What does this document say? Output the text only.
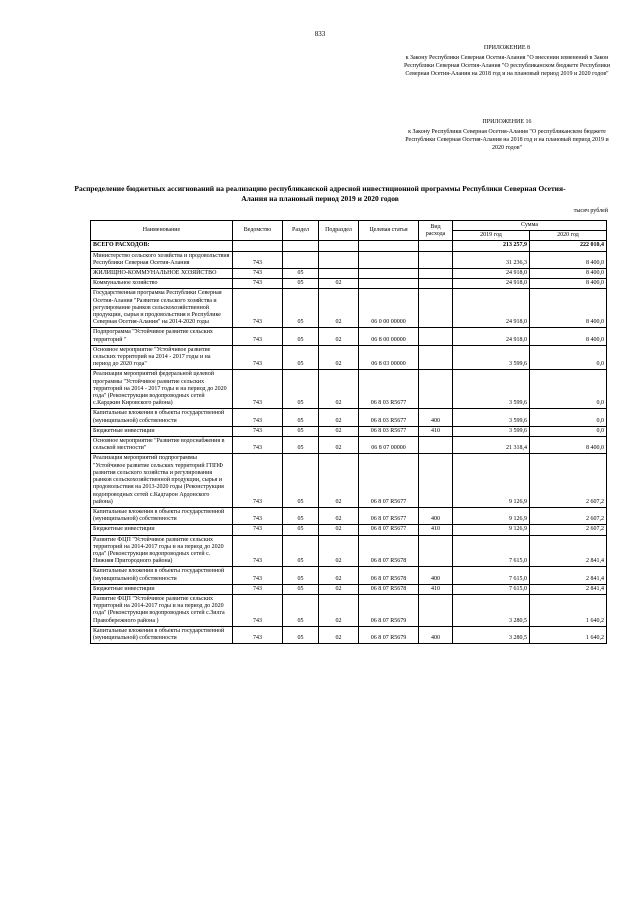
833
ПРИЛОЖЕНИЕ 8
к Закону Республики Северная Осетия-Алания "О внесении изменений в Закон Республики Северная Осетия-Алания "О республиканском бюджете Республики Северная Осетия-Алания на 2018 год и на плановый период 2019 и 2020 годов"
ПРИЛОЖЕНИЕ 16
к Закону Республики Северная Осетия-Алания "О республиканском бюджете Республики Северная Осетия-Алания на 2018 год и на плановый период 2019 и 2020 годов"
Распределение бюджетных ассигнований на реализацию республиканской адресной инвестиционной программы Республики Северная Осетия-Алания на плановый период 2019 и 2020 годов
тысяч рублей
Наименование	Ведомство	Раздел	Подраздел	Целевая статья	Вид расхода	Сумма	
						2019 год	2020 год
ВСЕГО РАСХОДОВ:						213 257,9	222 010,4
Министерство сельского хозяйства и продовольствия Республики Северная Осетия-Алания	743					31 236,3	8 400,0
ЖИЛИЩНО-КОММУНАЛЬНОЕ ХОЗЯЙСТВО	743	05				24 918,0	8 400,0
Коммунальное хозяйство	743	05	02			24 918,0	8 400,0
Государственная программа Республики Северная Осетия-Алания "Развитие сельского хозяйства и регулирование рынков сельскохозяйственной продукции, сырья и продовольствия в Республике Северная Осетия-Алания" на 2014-2020 годы	743	05	02	06 0 00 00000		24 918,0	8 400,0
Подпрограмма "Устойчивое развитие сельских территорий "	743	05	02	06 8 00 00000		24 918,0	8 400,0
Основное мероприятие "Устойчивое развитие сельских территорий на 2014 - 2017 годы и на период до 2020 года"	743	05	02	06 8 03 00000		3 599,6	0,0
Реализация мероприятий федеральной целевой программы "Устойчивое развитие сельских территорий на 2014 - 2017 годы и на период до 2020 года" (Реконструкция водопроводных сетей с.Карджин Кировского района)	743	05	02	06 8 03 R5677		3 599,6	0,0
Капитальные вложения в объекты государственной (муниципальной) собственности	743	05	02	06 8 03 R5677	400	3 599,6	0,0
Бюджетные инвестиции	743	05	02	06 8 03 R5677	410	3 599,6	0,0
Основное мероприятие "Развитие водоснабжения в сельской местности"	743	05	02	06 8 07 00000		21 318,4	8 400,0
Реализация мероприятий подпрограммы "Устойчивое развитие сельских территорий ГППФ развития сельского хозяйства и регулирования рынков сельскохозяйственной продукции, сырья и продовольствия на 2013-2020 годы (Реконструкция водопроводных сетей с.Кадгарон Ардонского района)	743	05	02	06 8 07 R5677		9 126,9	2 607,2
Капитальные вложения в объекты государственной (муниципальной) собственности	743	05	02	06 8 07 R5677	400	9 126,9	2 607,2
Бюджетные инвестиции	743	05	02	06 8 07 R5677	410	9 126,9	2 607,2
Развитие ФЦП "Устойчивое развитие сельских территорий на 2014-2017 годы и на период до 2020 года" (Реконструкция водопроводных сетей с. Нижняя Пригородного района)	743	05	02	06 8 07 R5678		7 615,0	2 841,4
Капитальные вложения в объекты государственной (муниципальной) собственности	743	05	02	06 8 07 R5678	400	7 615,0	2 841,4
Бюджетные инвестиции	743	05	02	06 8 07 R5678	410	7 615,0	2 841,4
Развитие ФЦП "Устойчивое развитие сельских территорий на 2014-2017 годы и на период до 2020 года" (Реконструкция водопроводных сетей с.Зилга Правобережного района )	743	05	02	06 8 07 R5679		3 280,5	1 640,2
Капитальные вложения в объекты государственной (муниципальной) собственности	743	05	02	06 8 07 R5679	400	3 280,5	1 640,2
